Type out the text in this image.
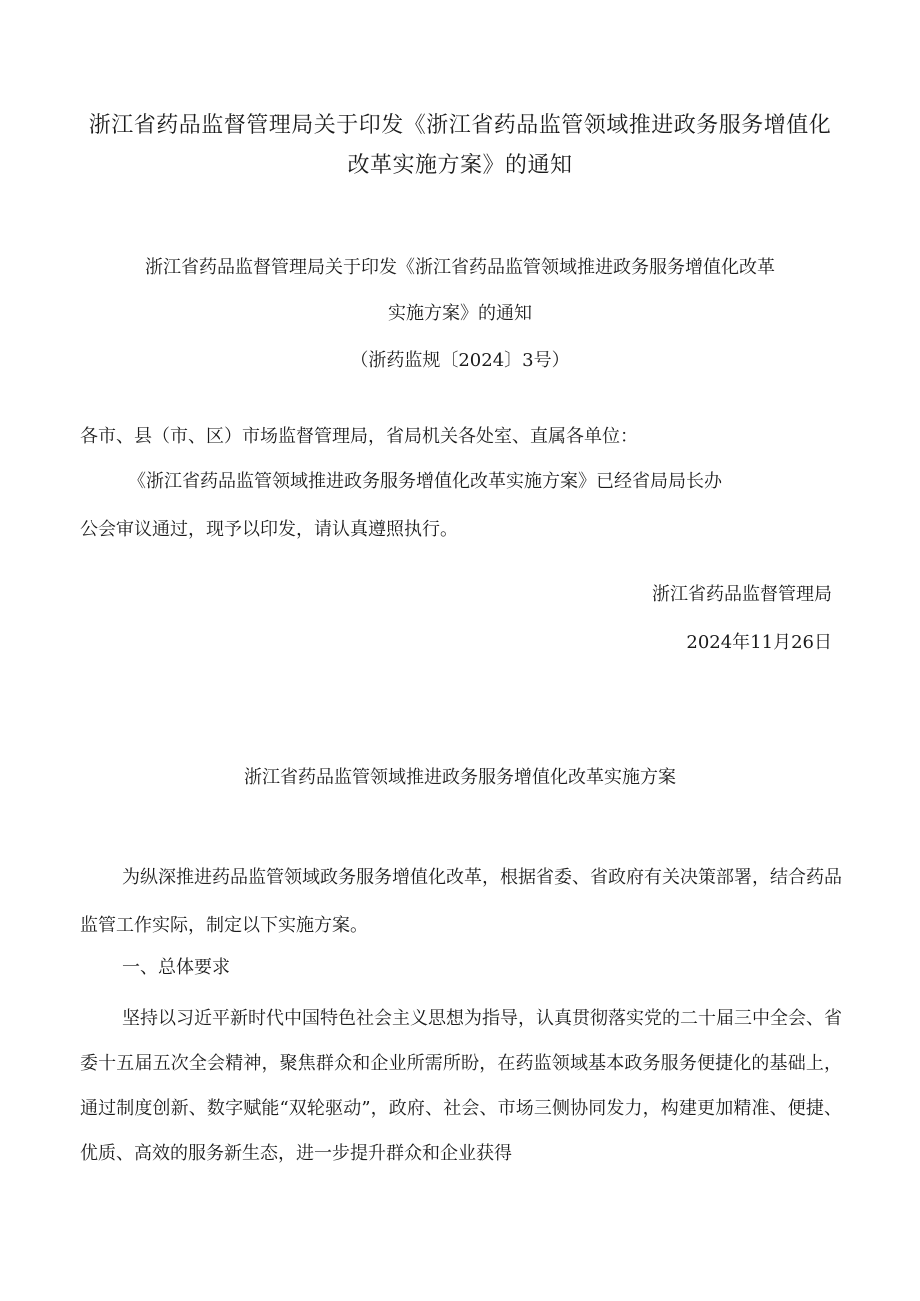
浙江省药品监督管理局关于印发《浙江省药品监管领域推进政务服务增值化改革实施方案》的通知
浙江省药品监督管理局关于印发《浙江省药品监管领域推进政务服务增值化改革
实施方案》的通知
（浙药监规〔2024〕3号）
各市、县（市、区）市场监督管理局，省局机关各处室、直属各单位：
《浙江省药品监管领域推进政务服务增值化改革实施方案》已经省局局长办
公会审议通过，现予以印发，请认真遵照执行。
浙江省药品监督管理局
2024年11月26日
浙江省药品监管领域推进政务服务增值化改革实施方案
为纵深推进药品监管领域政务服务增值化改革，根据省委、省政府有关决策部署，结合药品监管工作实际，制定以下实施方案。
一、总体要求
坚持以习近平新时代中国特色社会主义思想为指导，认真贯彻落实党的二十届三中全会、省委十五届五次全会精神，聚焦群众和企业所需所盼，在药监领域基本政务服务便捷化的基础上，通过制度创新、数字赋能“双轮驱动”，政府、社会、市场三侧协同发力，构建更加精准、便捷、优质、高效的服务新生态，进一步提升群众和企业获得
